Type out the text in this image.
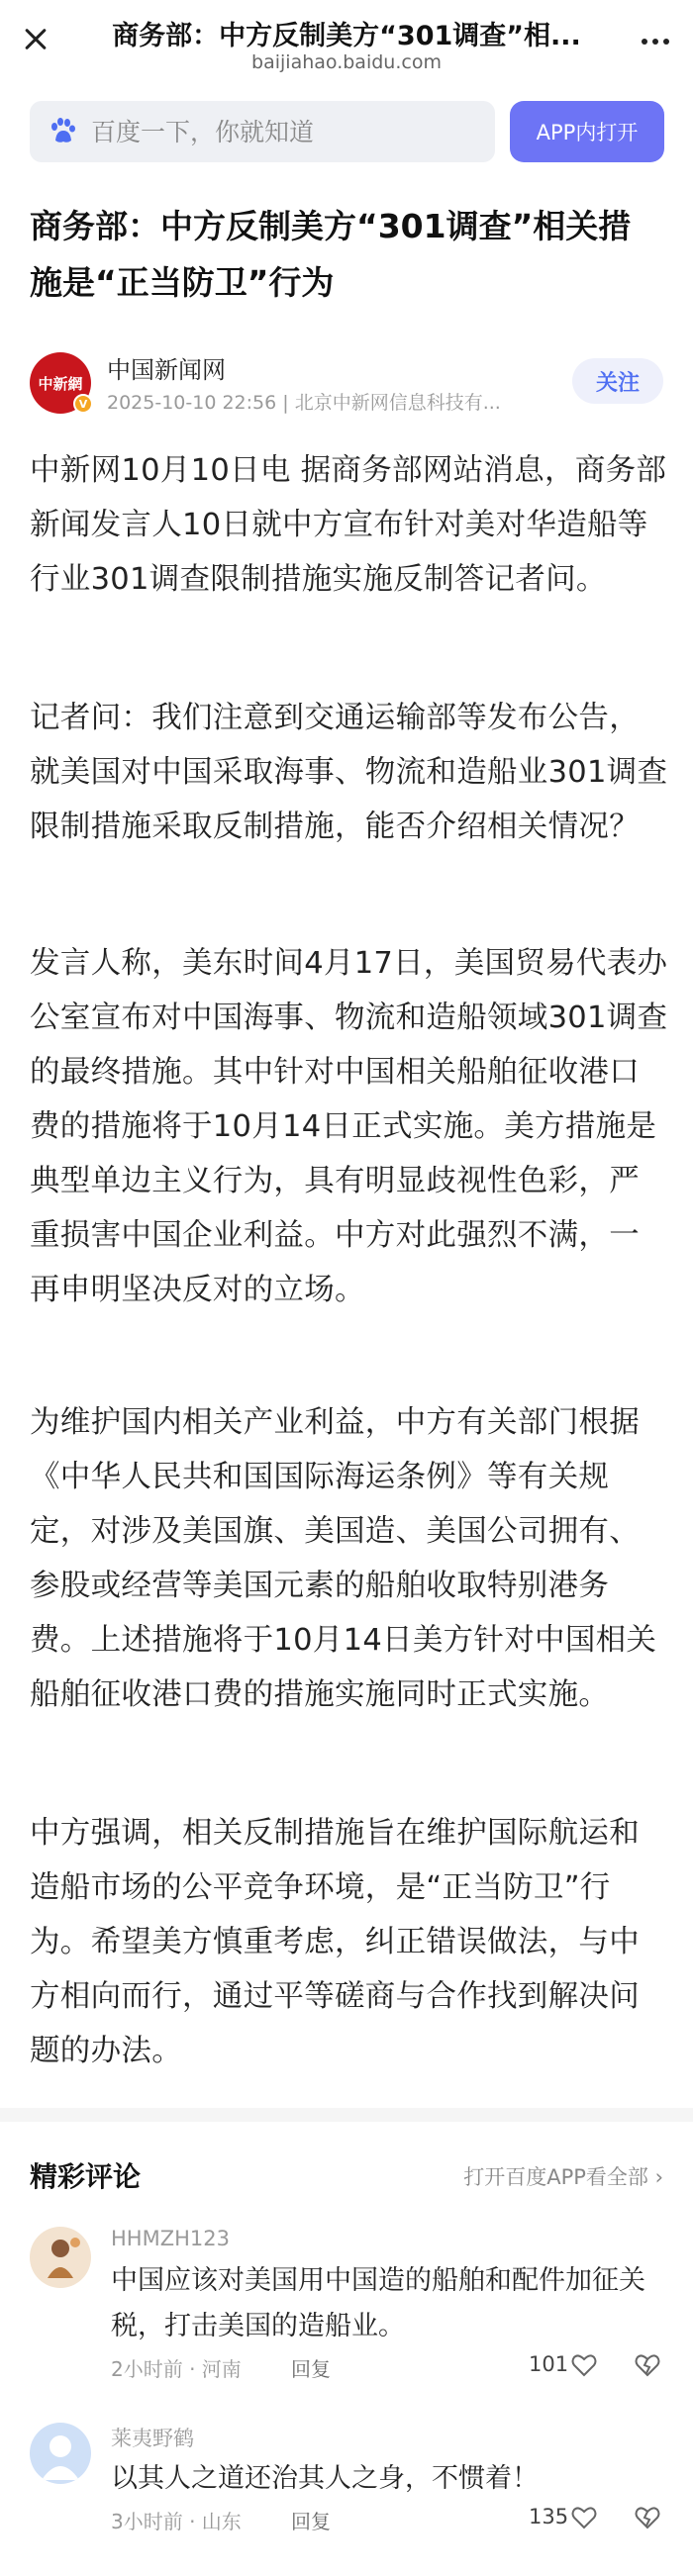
商务部：中方反制美方“301调查”相...
baijiahao.baidu.com
百度一下，你就知道
APP内打开
商务部：中方反制美方“301调查”相关措施是“正当防卫”行为
中新網
V
中国新闻网
2025-10-10 22:56 | 北京中新网信息科技有...
关注

中新网10月10日电 据商务部网站消息，商务部新闻发言人10日就中方宣布针对美对华造船等行业301调查限制措施实施反制答记者问。

记者问：我们注意到交通运输部等发布公告，就美国对中国采取海事、物流和造船业301调查限制措施采取反制措施，能否介绍相关情况？

发言人称，美东时间4月17日，美国贸易代表办公室宣布对中国海事、物流和造船领域301调查的最终措施。其中针对中国相关船舶征收港口费的措施将于10月14日正式实施。美方措施是典型单边主义行为，具有明显歧视性色彩，严重损害中国企业利益。中方对此强烈不满，一再申明坚决反对的立场。

为维护国内相关产业利益，中方有关部门根据《中华人民共和国国际海运条例》等有关规定，对涉及美国旗、美国造、美国公司拥有、参股或经营等美国元素的船舶收取特别港务费。上述措施将于10月14日美方针对中国相关船舶征收港口费的措施实施同时正式实施。

中方强调，相关反制措施旨在维护国际航运和造船市场的公平竞争环境，是“正当防卫”行为。希望美方慎重考虑，纠正错误做法，与中方相向而行，通过平等磋商与合作找到解决问题的办法。

精彩评论	打开百度APP看全部 ›
HHMZH123
中国应该对美国用中国造的船舶和配件加征关税，打击美国的造船业。
2小时前 · 河南	回复	101
莱夷野鹤
以其人之道还治其人之身，不惯着！
3小时前 · 山东	回复	135
